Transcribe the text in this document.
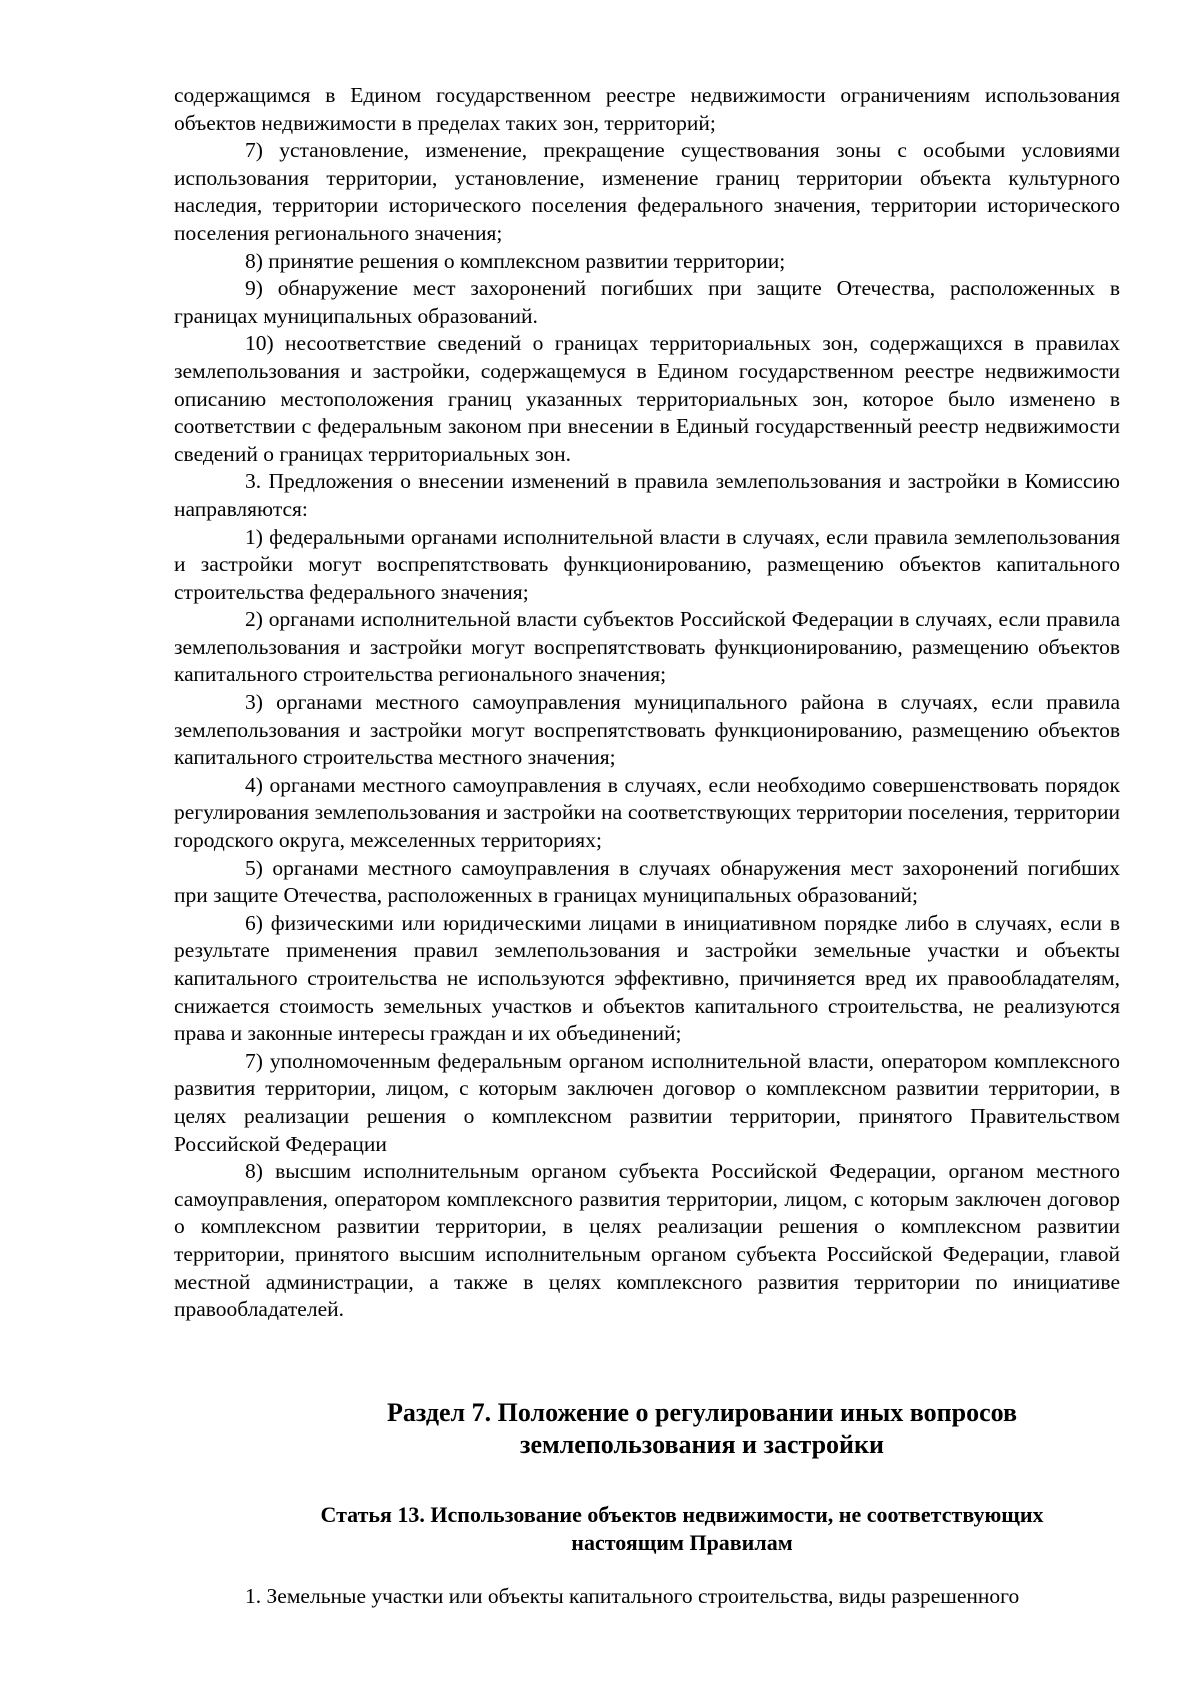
содержащимся в Едином государственном реестре недвижимости ограничениям использования объектов недвижимости в пределах таких зон, территорий;

7) установление, изменение, прекращение существования зоны с особыми условиями использования территории, установление, изменение границ территории объекта культурного наследия, территории исторического поселения федерального значения, территории исторического поселения регионального значения;

8) принятие решения о комплексном развитии территории;

9) обнаружение мест захоронений погибших при защите Отечества, расположенных в границах муниципальных образований.

10) несоответствие сведений о границах территориальных зон, содержащихся в правилах землепользования и застройки, содержащемуся в Едином государственном реестре недвижимости описанию местоположения границ указанных территориальных зон, которое было изменено в соответствии с федеральным законом при внесении в Единый государственный реестр недвижимости сведений о границах территориальных зон.

3. Предложения о внесении изменений в правила землепользования и застройки в Комиссию направляются:

1) федеральными органами исполнительной власти в случаях, если правила землепользования и застройки могут воспрепятствовать функционированию, размещению объектов капитального строительства федерального значения;

2) органами исполнительной власти субъектов Российской Федерации в случаях, если правила землепользования и застройки могут воспрепятствовать функционированию, размещению объектов капитального строительства регионального значения;

3) органами местного самоуправления муниципального района в случаях, если правила землепользования и застройки могут воспрепятствовать функционированию, размещению объектов капитального строительства местного значения;

4) органами местного самоуправления в случаях, если необходимо совершенствовать порядок регулирования землепользования и застройки на соответствующих территории поселения, территории городского округа, межселенных территориях;

5) органами местного самоуправления в случаях обнаружения мест захоронений погибших при защите Отечества, расположенных в границах муниципальных образований;

6) физическими или юридическими лицами в инициативном порядке либо в случаях, если в результате применения правил землепользования и застройки земельные участки и объекты капитального строительства не используются эффективно, причиняется вред их правообладателям, снижается стоимость земельных участков и объектов капитального строительства, не реализуются права и законные интересы граждан и их объединений;

7) уполномоченным федеральным органом исполнительной власти, оператором комплексного развития территории, лицом, с которым заключен договор о комплексном развитии территории, в целях реализации решения о комплексном развитии территории, принятого Правительством Российской Федерации

8) высшим исполнительным органом субъекта Российской Федерации, органом местного самоуправления, оператором комплексного развития территории, лицом, с которым заключен договор о комплексном развитии территории, в целях реализации решения о комплексном развитии территории, принятого высшим исполнительным органом субъекта Российской Федерации, главой местной администрации, а также в целях комплексного развития территории по инициативе правообладателей.

Раздел 7. Положение о регулировании иных вопросов
землепользования и застройки
Статья 13. Использование объектов недвижимости, не соответствующих
настоящим Правилам

1. Земельные участки или объекты капитального строительства, виды разрешенного
